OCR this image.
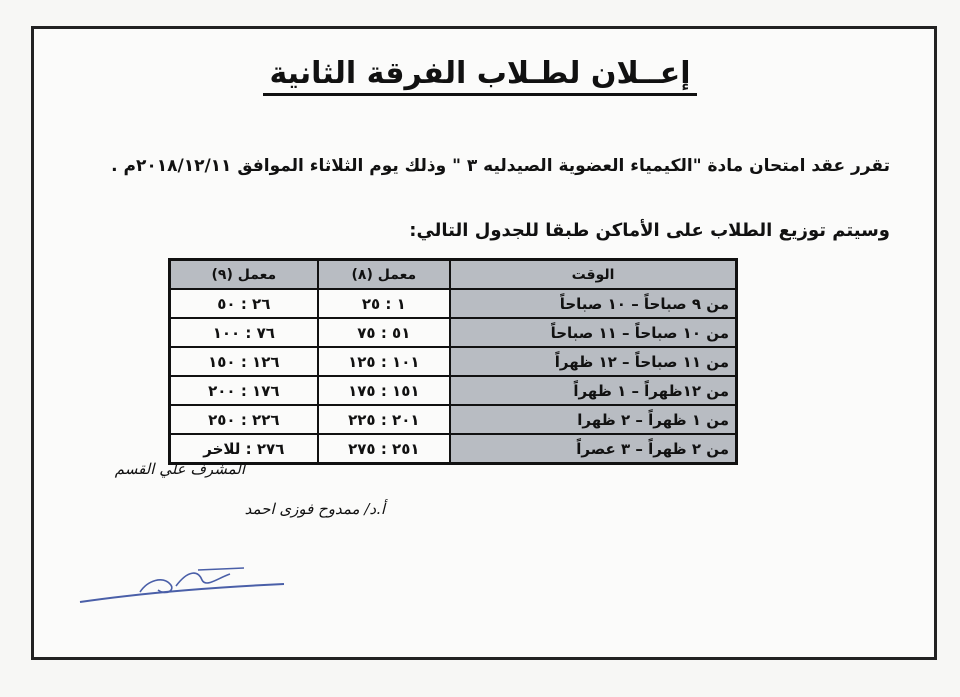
إعــلان لطـلاب الفرقة الثانية
تقرر عقد امتحان مادة "الكيمياء العضوية الصيدليه ٣ " وذلك يوم الثلاثاء الموافق ٢٠١٨/١٢/١١م .
وسيتم توزيع الطلاب على الأماكن طبقا للجدول التالي:
الوقت	معمل (٨)	معمل (٩)
من ٩ صباحاً – ١٠ صباحاً	١ : ٢٥	٢٦ : ٥٠
من ١٠ صباحاً – ١١ صباحاً	٥١ : ٧٥	٧٦ : ١٠٠
من ١١ صباحاً – ١٢ ظهراً	١٠١ : ١٢٥	١٢٦ : ١٥٠
من ١٢ظهراً – ١ ظهراً	١٥١ : ١٧٥	١٧٦ : ٢٠٠
من ١ ظهراً – ٢ ظهرا	٢٠١ : ٢٢٥	٢٢٦ : ٢٥٠
من ٢ ظهراً – ٣ عصراً	٢٥١ : ٢٧٥	٢٧٦ : للاخر
المشرف علي القسم
أ.د/ ممدوح فوزى احمد
